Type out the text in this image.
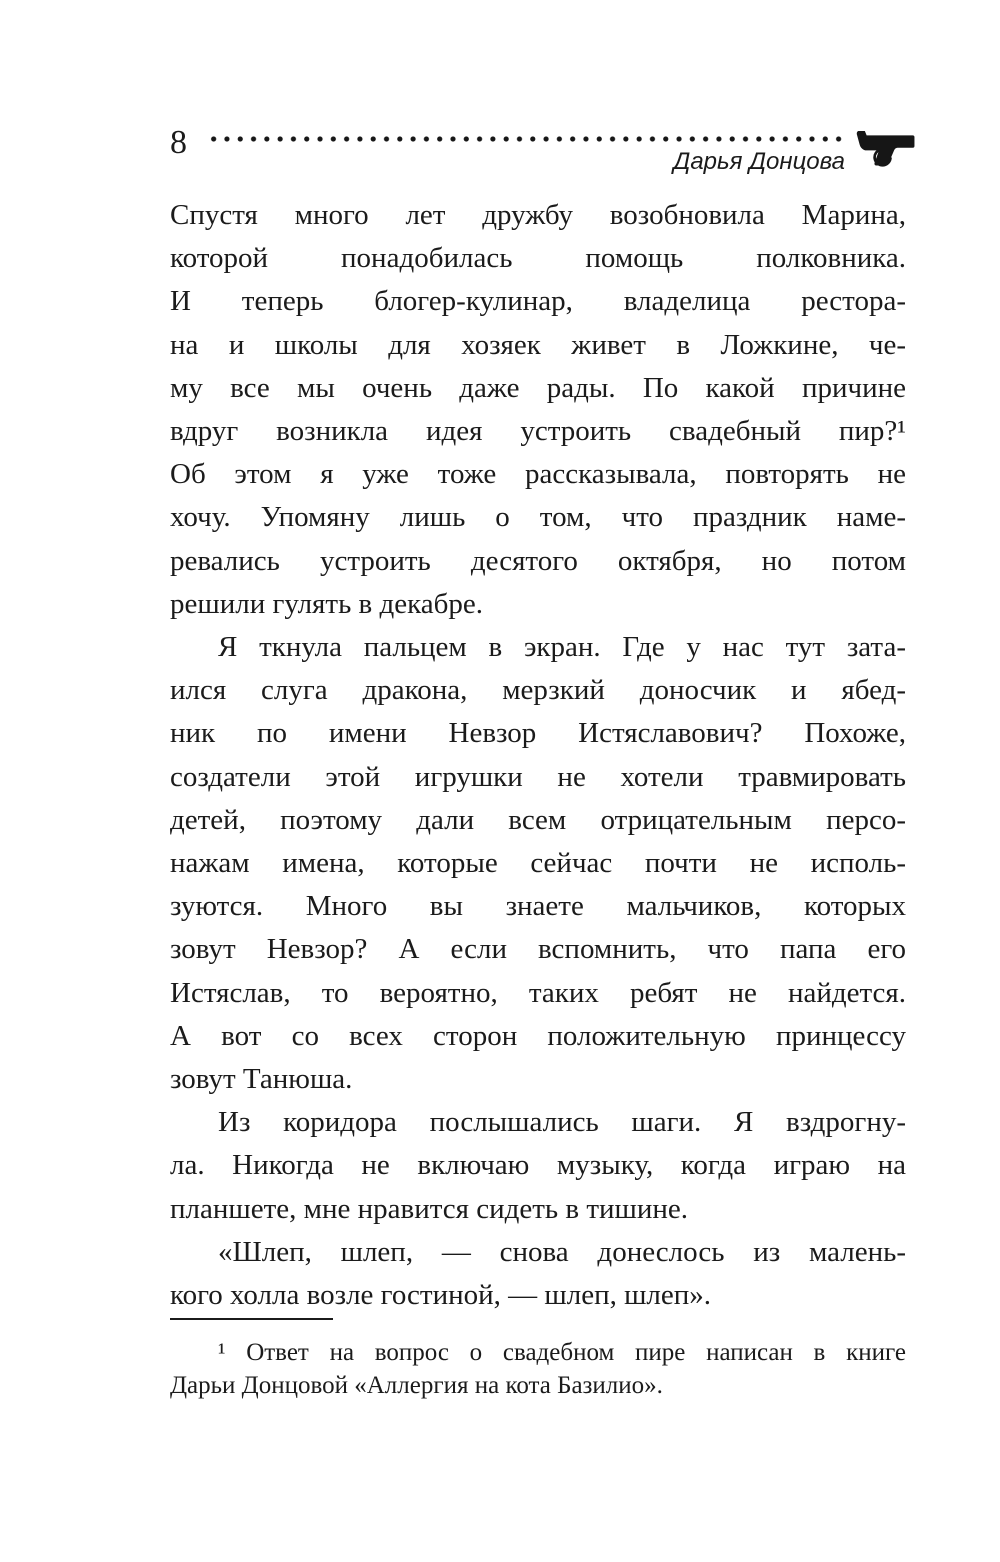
8
Дарья Донцова
Спустя много лет дружбу возобновила Марина,
которой понадобилась помощь полковника.
И теперь блогер-кулинар, владелица рестора-
на и школы для хозяек живет в Ложкине, че-
му все мы очень даже рады. По какой причине
вдруг возникла идея устроить свадебный пир?¹
Об этом я уже тоже рассказывала, повторять не
хочу. Упомяну лишь о том, что праздник наме-
ревались устроить десятого октября, но потом
решили гулять в декабре.
Я ткнула пальцем в экран. Где у нас тут зата-
ился слуга дракона, мерзкий доносчик и ябед-
ник по имени Невзор Истяславович? Похоже,
создатели этой игрушки не хотели травмировать
детей, поэтому дали всем отрицательным персо-
нажам имена, которые сейчас почти не исполь-
зуются. Много вы знаете мальчиков, которых
зовут Невзор? А если вспомнить, что папа его
Истяслав, то вероятно, таких ребят не найдется.
А вот со всех сторон положительную принцессу
зовут Танюша.
Из коридора послышались шаги. Я вздрогну-
ла. Никогда не включаю музыку, когда играю на
планшете, мне нравится сидеть в тишине.
«Шлеп, шлеп, — снова донеслось из малень-
кого холла возле гостиной, — шлеп, шлеп».
¹ Ответ на вопрос о свадебном пире написан в книге
Дарьи Донцовой «Аллергия на кота Базилио».
